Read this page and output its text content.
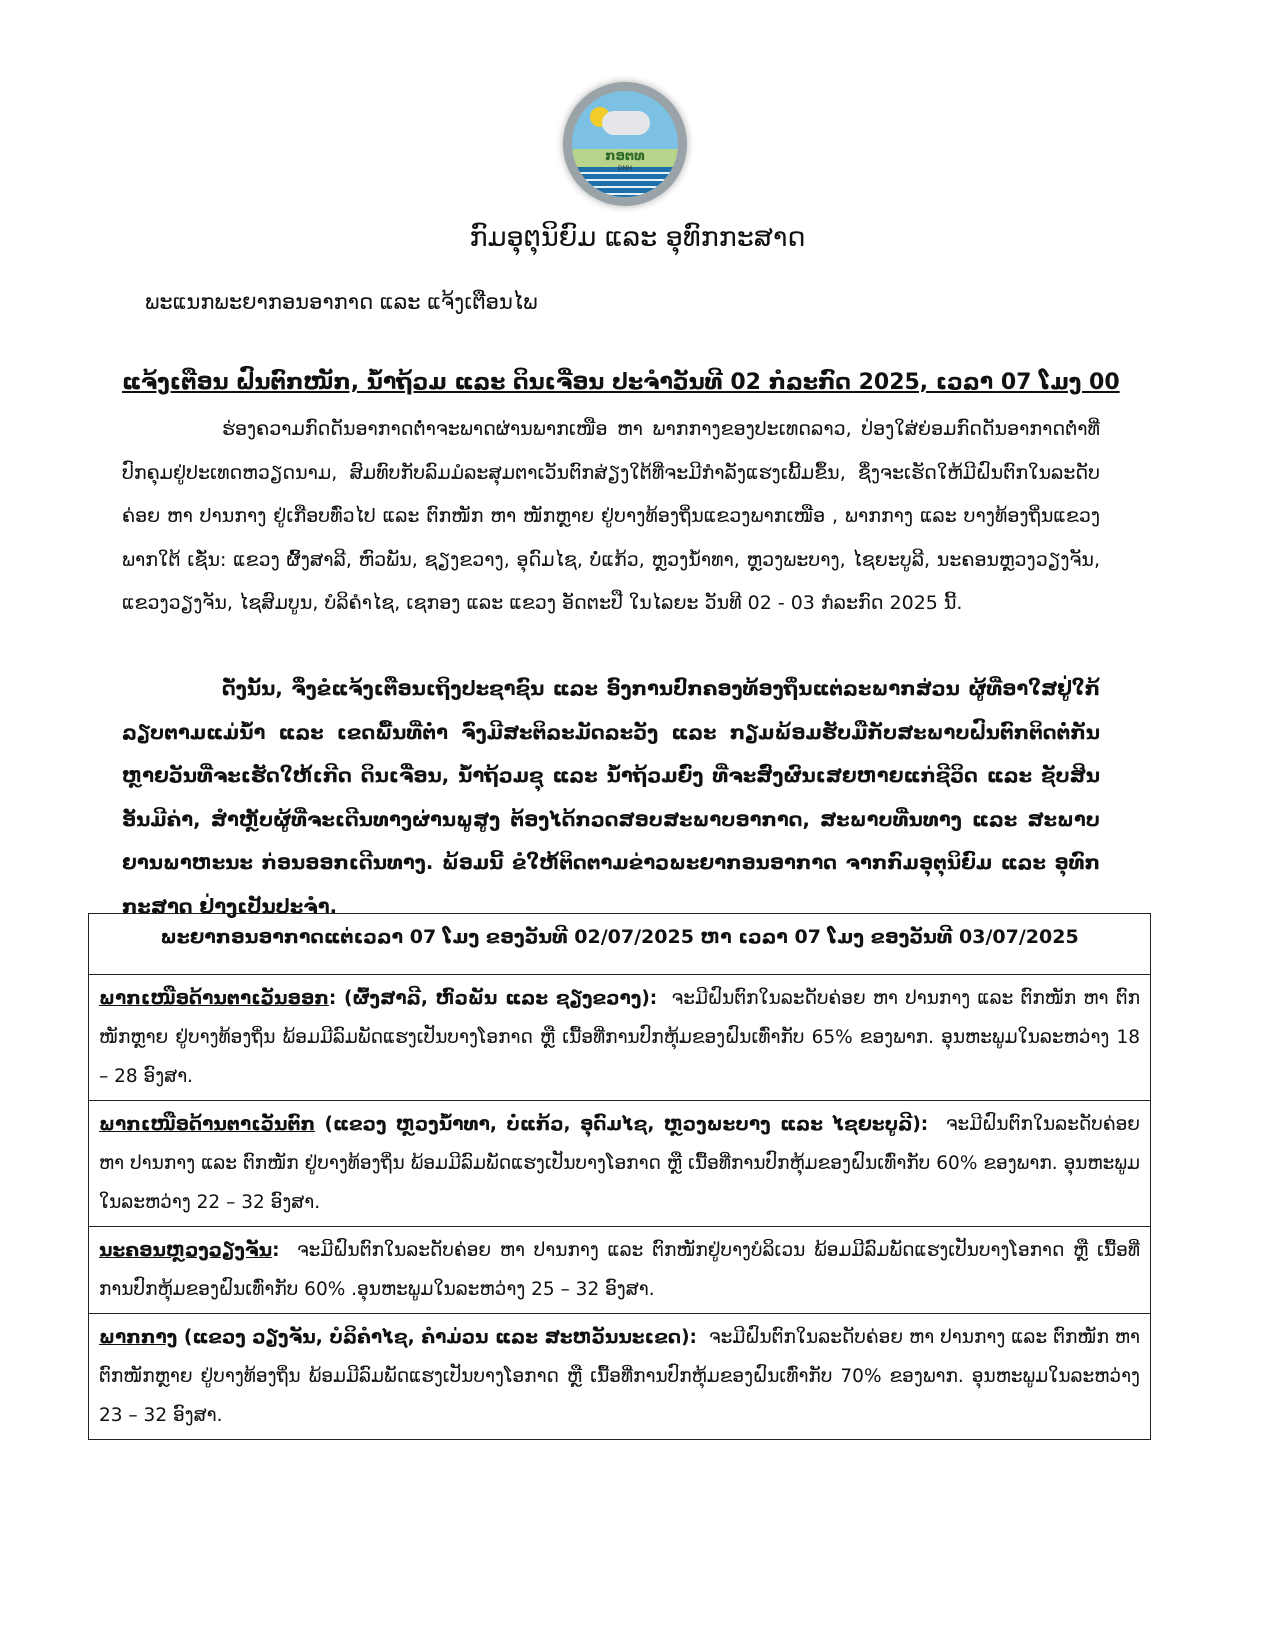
ກອຕທ
DMH
ກົມອຸຕຸນິຍົມ ແລະ ອຸທົກກະສາດ
ພະແນກພະຍາກອນອາກາດ ແລະ ແຈ້ງເຕືອນໄພ
ແຈ້ງເຕືອນ ຝົນຕົກໜັກ, ນໍ້າຖ້ວມ ແລະ ດິນເຈື່ອນ ປະຈໍາວັນທີ 02 ກໍລະກົດ 2025, ເວລາ 07 ໂມງ 00

ຮ່ອງຄວາມກົດດັນອາກາດຕ່ໍາຈະພາດຜ່ານພາກເໜືອ ຫາ ພາກກາງຂອງປະເທດລາວ, ປ່ອງໃສ່ຍ່ອມກົດດັນອາກາດຕ່ໍາທີ່ປົກຄຸມຢູ່ປະເທດຫວຽດນາມ, ສົມທົບກັບລົມມໍລະສຸມຕາເວັນຕົກສ່ຽງໃຕ້ທີ່ຈະມີກໍາລັງແຮງເພີ້ມຂຶ້ນ, ຊຶ່ງຈະເຮັດໃຫ້ມີຝົນຕົກໃນລະດັບຄ່ອຍ ຫາ ປານກາງ ຢູ່ເກືອບທົ່ວໄປ ແລະ ຕົກໜັກ ຫາ ໜັກຫຼາຍ ຢູ່ບາງທ້ອງຖິ່ນແຂວງພາກເໜືອ , ພາກກາງ ແລະ ບາງທ້ອງຖິ່ນແຂວງພາກໃຕ້ ເຊັ່ນ: ແຂວງ ຜົ້ງສາລີ, ຫົວພັນ, ຊຽງຂວາງ, ອຸດົມໄຊ, ບໍ່ແກ້ວ, ຫຼວງນໍ້າທາ, ຫຼວງພະບາງ, ໄຊຍະບູລີ, ນະຄອນຫຼວງວຽງຈັນ, ແຂວງວຽງຈັນ, ໄຊສົມບູນ, ບໍລິຄໍາໄຊ, ເຊກອງ ແລະ ແຂວງ ອັດຕະປື ໃນໄລຍະ ວັນທີ 02 - 03 ກໍລະກົດ 2025 ນີ້.

ດັ່ງນັ້ນ, ຈຶ່ງຂໍແຈ້ງເຕືອນເຖິງປະຊາຊົນ ແລະ ອົງການປົກຄອງທ້ອງຖິ່ນແຕ່ລະພາກສ່ວນ ຜູ້ທີ່ອາໃສຢູ່ໃກ້ລຽບຕາມແມ່ນໍ້າ ແລະ ເຂດພື້ນທີ່ຕໍ່າ ຈົ່ງມີສະຕິລະມັດລະວັງ ແລະ ກຽມພ້ອມຮັບມືກັບສະພາບຝົນຕົກຕິດຕໍ່ກັນຫຼາຍວັນທີ່ຈະເຮັດໃຫ້ເກີດ ດິນເຈື່ອນ, ນໍ້າຖ້ວມຊຸ ແລະ ນໍ້າຖ້ວມຍົ່ງ ທີ່ຈະສົ່ງຜົນເສຍຫາຍແກ່ຊີວິດ ແລະ ຊັບສິນອັນມີຄ່າ, ສໍາຫຼັບຜູ້ທີ່ຈະເດີນທາງຜ່ານພູສູງ ຕ້ອງໄດ້ກວດສອບສະພາບອາກາດ, ສະພາບທີ່ນທາງ ແລະ ສະພາບຍານພາຫະນະ ກ່ອນອອກເດີນທາງ. ພ້ອມນີ້ ຂໍໃຫ້ຕິດຕາມຂ່າວພະຍາກອນອາກາດ ຈາກກົມອຸຕຸນິຍົມ ແລະ ອຸທົກກະສາດ ຢ່າງເປັນປະຈໍາ.

ພະຍາກອນອາກາດແຕ່ເວລາ 07 ໂມງ ຂອງວັນທີ 02/07/2025 ຫາ ເວລາ 07 ໂມງ ຂອງວັນທີ 03/07/2025
ພາກເໜືອດ້ານຕາເວັນອອກ: (ຜົ້ງສາລີ, ຫົວພັນ ແລະ ຊຽງຂວາງ): ຈະມີຝົນຕົກໃນລະດັບຄ່ອຍ ຫາ ປານກາງ ແລະ ຕົກໜັກ ຫາ ຕົກໜັກຫຼາຍ ຢູ່ບາງທ້ອງຖິ່ນ ພ້ອມມີລົມພັດແຮງເປັນບາງໂອກາດ ຫຼື ເນື້ອທີ່ການປົກຫຸ້ມຂອງຝົນເທົ່າກັບ 65% ຂອງພາກ. ອຸນຫະພູມໃນລະຫວ່າງ 18 – 28 ອົງສາ.
ພາກເໜືອດ້ານຕາເວັນຕົກ (ແຂວງ ຫຼວງນໍ້າທາ, ບໍ່ແກ້ວ, ອຸດົມໄຊ, ຫຼວງພະບາງ ແລະ ໄຊຍະບູລີ): ຈະມີຝົນຕົກໃນລະດັບຄ່ອຍ ຫາ ປານກາງ ແລະ ຕົກໜັກ ຢູ່ບາງທ້ອງຖິ່ນ ພ້ອມມີລົມພັດແຮງເປັນບາງໂອກາດ ຫຼື ເນື້ອທີ່ການປົກຫຸ້ມຂອງຝົນເທົ່າກັບ 60% ຂອງພາກ. ອຸນຫະພູມໃນລະຫວ່າງ 22 – 32 ອົງສາ.
ນະຄອນຫຼວງວຽງຈັນ: ຈະມີຝົນຕົກໃນລະດັບຄ່ອຍ ຫາ ປານກາງ ແລະ ຕົກໜັກຢູ່ບາງບໍລິເວນ ພ້ອມມີລົມພັດແຮງເປັນບາງໂອກາດ ຫຼື ເນື້ອທີ່ການປົກຫຸ້ມຂອງຝົນເທົ່າກັບ 60% .ອຸນຫະພູມໃນລະຫວ່າງ 25 – 32 ອົງສາ.
ພາກກາງ (ແຂວງ ວຽງຈັນ, ບໍລິຄໍາໄຊ, ຄໍາມ່ວນ ແລະ ສະຫວັນນະເຂດ): ຈະມີຝົນຕົກໃນລະດັບຄ່ອຍ ຫາ ປານກາງ ແລະ ຕົກໜັກ ຫາ ຕົກໜັກຫຼາຍ ຢູ່ບາງທ້ອງຖິ່ນ ພ້ອມມີລົມພັດແຮງເປັນບາງໂອກາດ ຫຼື ເນື້ອທີ່ການປົກຫຸ້ມຂອງຝົນເທົ່າກັບ 70% ຂອງພາກ. ອຸນຫະພູມໃນລະຫວ່າງ 23 – 32 ອົງສາ.
